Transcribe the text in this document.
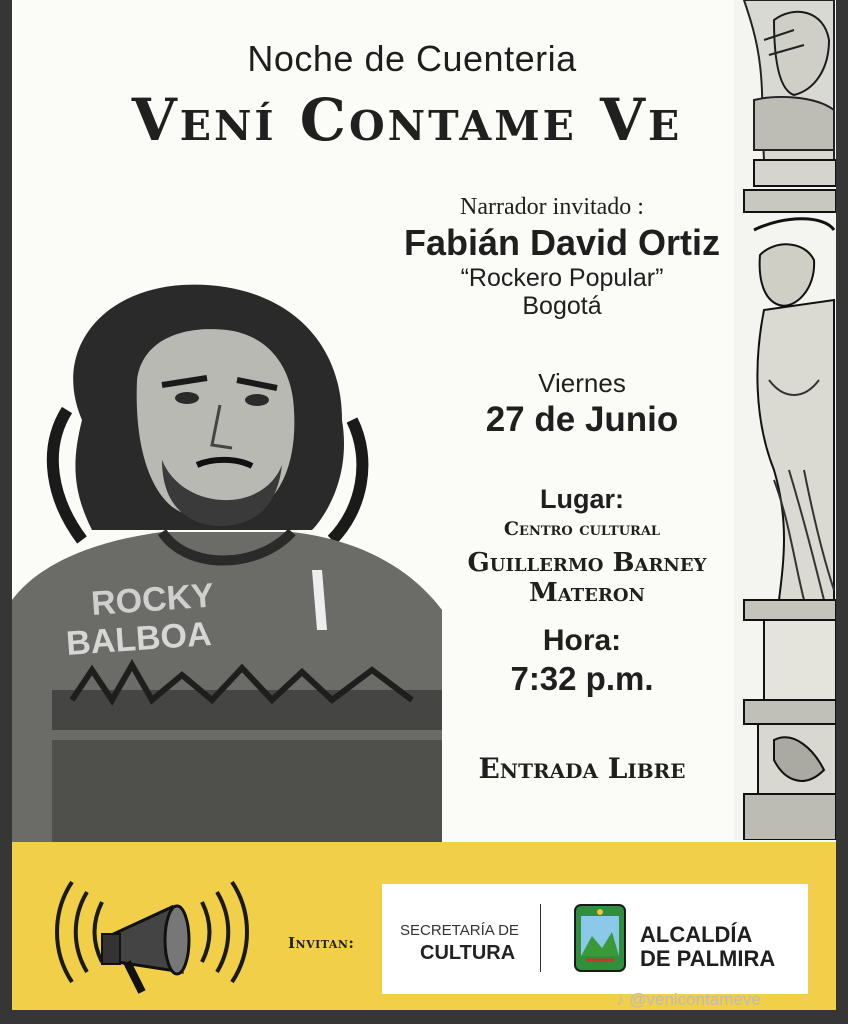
Noche de Cuenteria
Vení Contame Ve
ROCKY
BALBOA
Narrador invitado :
Fabián David Ortiz
“Rockero Popular”
Bogotá
Viernes
27 de Junio
Lugar:
Centro cultural
Guillermo Barney Materon
Hora:
7:32 p.m.
Entrada Libre
Invitan:
SECRETARÍA DE
CULTURA
ALCALDÍA
DE PALMIRA
♪ @venicontameve
